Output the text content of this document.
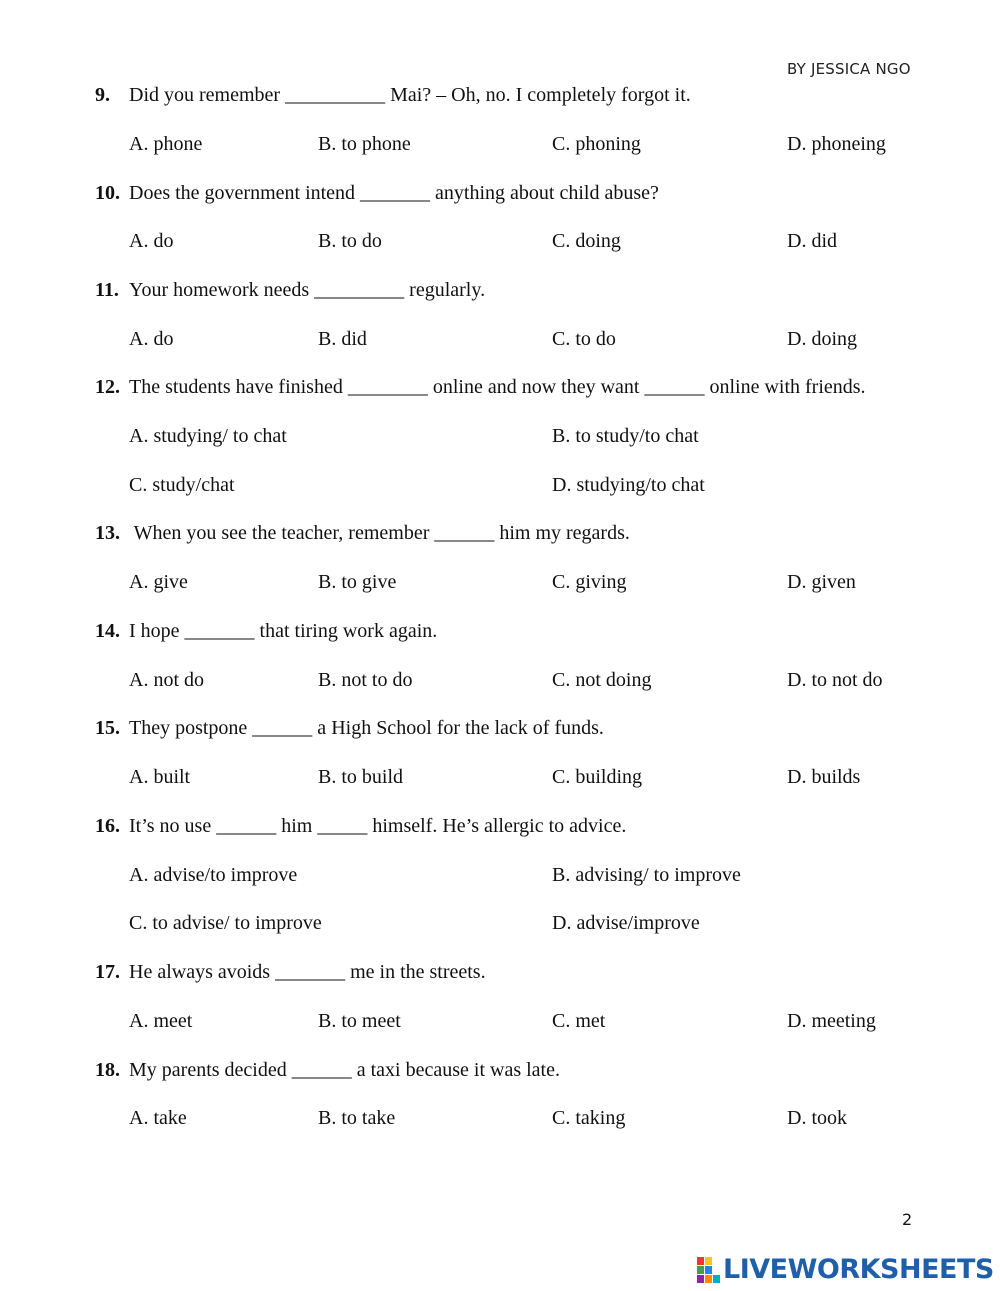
BY JESSICA NGO
9. Did you remember __________ Mai? – Oh, no. I completely forgot it.
A. phone	B. to phone	C. phoning	D. phoneing
10. Does the government intend _______ anything about child abuse?
A. do	B. to do	C. doing	D. did
11. Your homework needs _________ regularly.
A. do	B. did	C. to do	D. doing
12. The students have finished ________ online and now they want ______ online with friends.
A. studying/ to chat	B. to study/to chat
C. study/chat	D. studying/to chat
13. When you see the teacher, remember ______ him my regards.
A. give	B. to give	C. giving	D. given
14. I hope _______ that tiring work again.
A. not do	B. not to do	C. not doing	D. to not do
15. They postpone ______ a High School for the lack of funds.
A. built	B. to build	C. building	D. builds
16. It’s no use ______ him _____ himself. He’s allergic to advice.
A. advise/to improve	B. advising/ to improve
C. to advise/ to improve	D. advise/improve
17. He always avoids _______ me in the streets.
A. meet	B. to meet	C. met	D. meeting
18. My parents decided ______ a taxi because it was late.
A. take	B. to take	C. taking	D. took
2
LIVEWORKSHEETS
